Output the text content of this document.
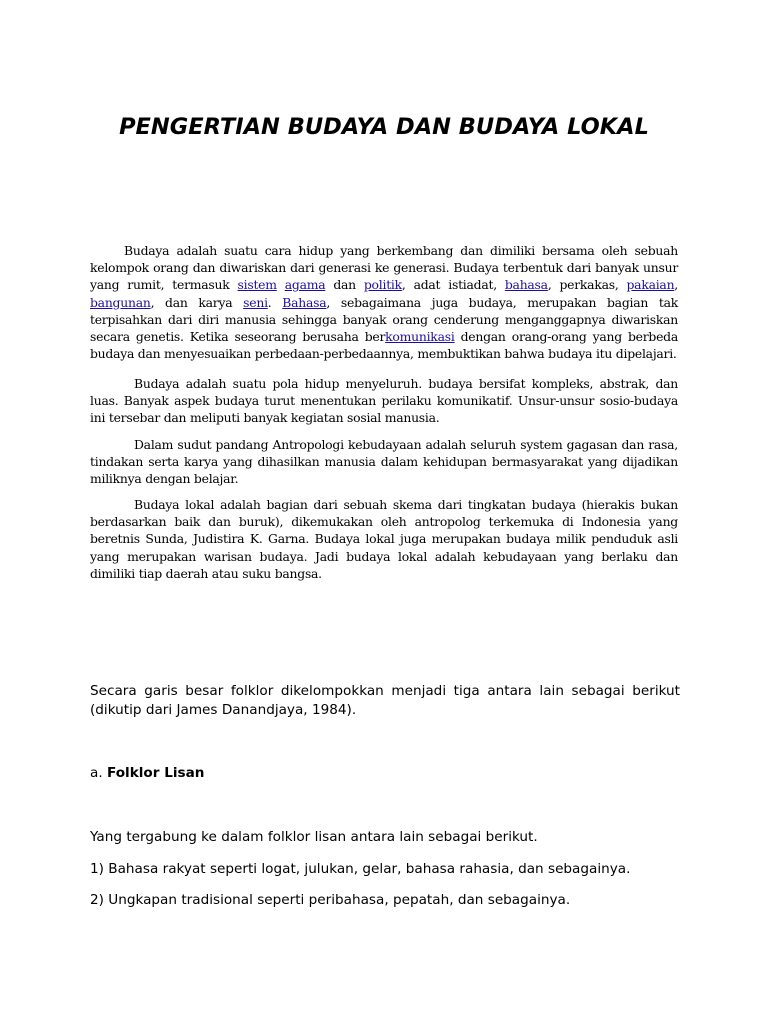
PENGERTIAN BUDAYA DAN BUDAYA LOKAL

Budaya adalah suatu cara hidup yang berkembang dan dimiliki bersama oleh sebuah kelompok orang dan diwariskan dari generasi ke generasi. Budaya terbentuk dari banyak unsur yang rumit, termasuk sistem agama dan politik, adat istiadat, bahasa, perkakas, pakaian, bangunan, dan karya seni. Bahasa, sebagaimana juga budaya, merupakan bagian tak terpisahkan dari diri manusia sehingga banyak orang cenderung menganggapnya diwariskan secara genetis. Ketika seseorang berusaha berkomunikasi dengan orang-orang yang berbeda budaya dan menyesuaikan perbedaan-perbedaannya, membuktikan bahwa budaya itu dipelajari.

Budaya adalah suatu pola hidup menyeluruh. budaya bersifat kompleks, abstrak, dan luas. Banyak aspek budaya turut menentukan perilaku komunikatif. Unsur-unsur sosio-budaya ini tersebar dan meliputi banyak kegiatan sosial manusia.

Dalam sudut pandang Antropologi kebudayaan adalah seluruh system gagasan dan rasa, tindakan serta karya yang dihasilkan manusia dalam kehidupan bermasyarakat yang dijadikan miliknya dengan belajar.

Budaya lokal adalah bagian dari sebuah skema dari tingkatan budaya (hierakis bukan berdasarkan baik dan buruk), dikemukakan oleh antropolog terkemuka di Indonesia yang beretnis Sunda, Judistira K. Garna. Budaya lokal juga merupakan budaya milik penduduk asli yang merupakan warisan budaya. Jadi budaya lokal adalah kebudayaan yang berlaku dan dimiliki tiap daerah atau suku bangsa.

Secara garis besar folklor dikelompokkan menjadi tiga antara lain sebagai berikut (dikutip dari James Danandjaya, 1984).

a. Folklor Lisan

Yang tergabung ke dalam folklor lisan antara lain sebagai berikut.

1) Bahasa rakyat seperti logat, julukan, gelar, bahasa rahasia, dan sebagainya.

2) Ungkapan tradisional seperti peribahasa, pepatah, dan sebagainya.
